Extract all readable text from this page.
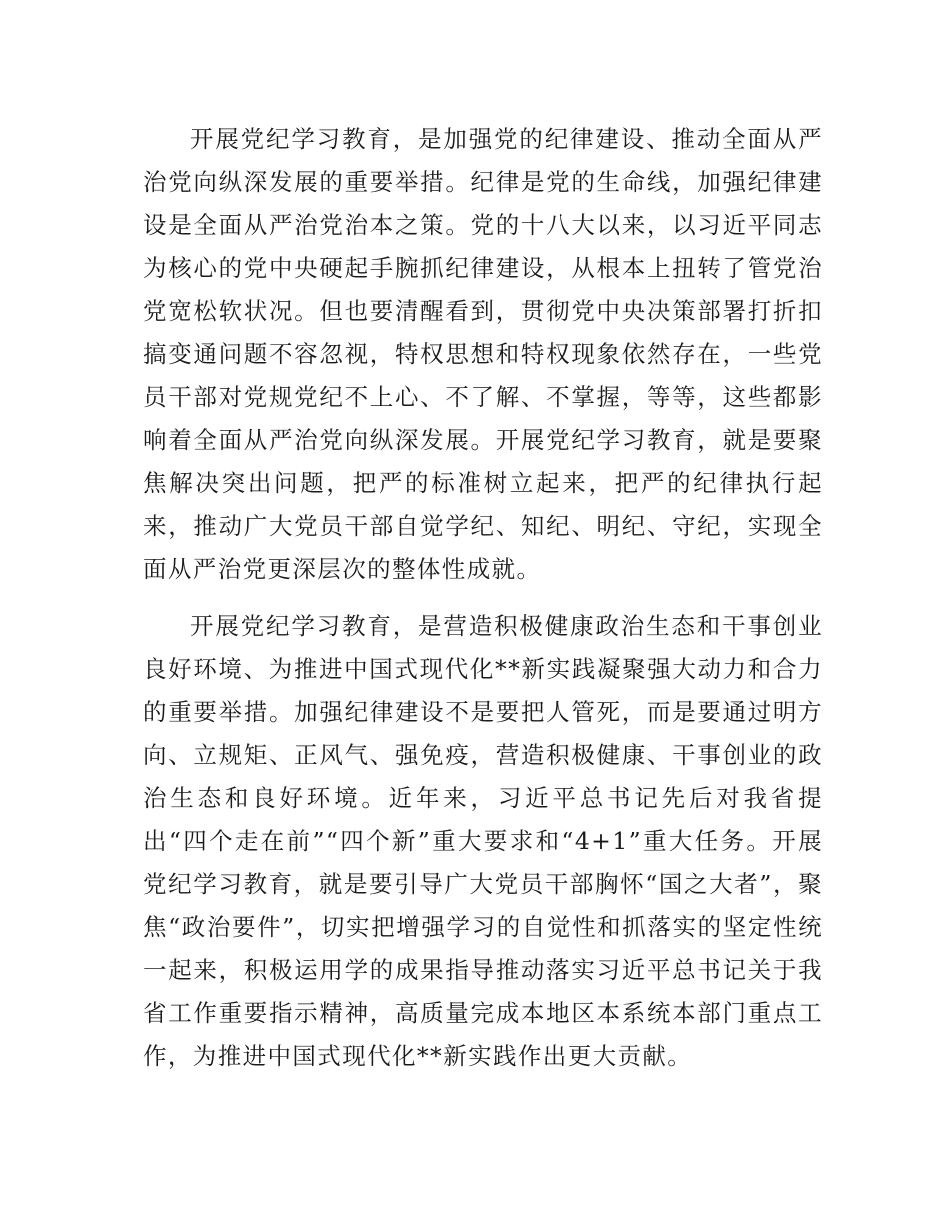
开展党纪学习教育，是加强党的纪律建设、推动全面从严治党向纵深发展的重要举措。纪律是党的生命线，加强纪律建设是全面从严治党治本之策。党的十八大以来，以习近平同志为核心的党中央硬起手腕抓纪律建设，从根本上扭转了管党治党宽松软状况。但也要清醒看到，贯彻党中央决策部署打折扣搞变通问题不容忽视，特权思想和特权现象依然存在，一些党员干部对党规党纪不上心、不了解、不掌握，等等，这些都影响着全面从严治党向纵深发展。开展党纪学习教育，就是要聚焦解决突出问题，把严的标准树立起来，把严的纪律执行起来，推动广大党员干部自觉学纪、知纪、明纪、守纪，实现全面从严治党更深层次的整体性成就。

开展党纪学习教育，是营造积极健康政治生态和干事创业良好环境、为推进中国式现代化**新实践凝聚强大动力和合力的重要举措。加强纪律建设不是要把人管死，而是要通过明方向、立规矩、正风气、强免疫，营造积极健康、干事创业的政治生态和良好环境。近年来，习近平总书记先后对我省提出“四个走在前”“四个新”重大要求和“4+1”重大任务。开展党纪学习教育，就是要引导广大党员干部胸怀“国之大者”，聚焦“政治要件”，切实把增强学习的自觉性和抓落实的坚定性统一起来，积极运用学的成果指导推动落实习近平总书记关于我省工作重要指示精神，高质量完成本地区本系统本部门重点工作，为推进中国式现代化**新实践作出更大贡献。
